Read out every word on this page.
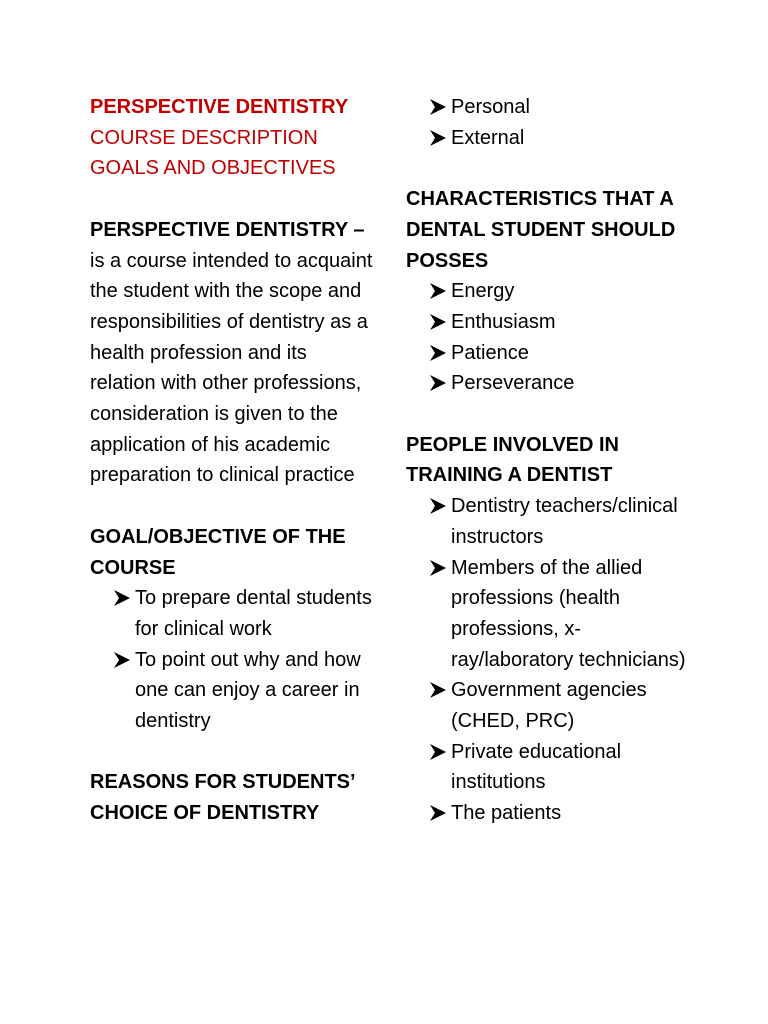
PERSPECTIVE DENTISTRY
COURSE DESCRIPTION GOALS AND OBJECTIVES
PERSPECTIVE DENTISTRY – is a course intended to acquaint the student with the scope and responsibilities of dentistry as a health profession and its relation with other professions, consideration is given to the application of his academic preparation to clinical practice
GOAL/OBJECTIVE OF THE COURSE
To prepare dental students for clinical work
To point out why and how one can enjoy a career in dentistry
REASONS FOR STUDENTS’ CHOICE OF DENTISTRY
Personal
External
CHARACTERISTICS THAT A DENTAL STUDENT SHOULD POSSES
Energy
Enthusiasm
Patience
Perseverance
PEOPLE INVOLVED IN TRAINING A DENTIST
Dentistry teachers/clinical instructors
Members of the allied professions (health professions, x-ray/laboratory technicians)
Government agencies (CHED, PRC)
Private educational institutions
The patients
